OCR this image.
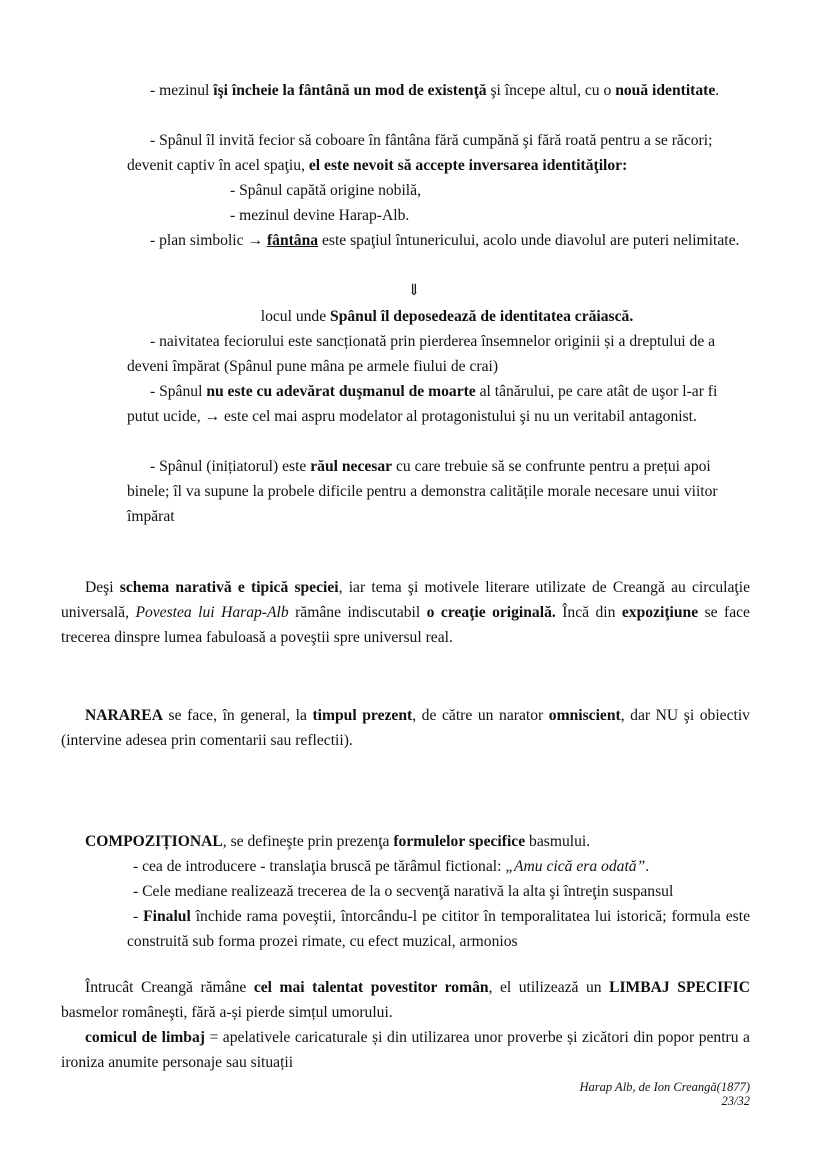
- mezinul îşi încheie la fântână un mod de existenţă şi începe altul, cu o nouă identitate.

- Spânul îl invită fecior să coboare în fântâna fără cumpănă şi fără roată pentru a se răcori; devenit captiv în acel spaţiu, el este nevoit să accepte inversarea identităţilor:

- Spânul capătă origine nobilă,

- mezinul devine Harap-Alb.

- plan simbolic → fântâna este spaţiul întunericului, acolo unde diavolul are puteri nelimitate.

⇓

locul unde Spânul îl deposedează de identitatea crăiască.

- naivitatea feciorului este sancționată prin pierderea însemnelor originii și a dreptului de a deveni împărat (Spânul pune mâna pe armele fiului de crai)

- Spânul nu este cu adevărat duşmanul de moarte al tânărului, pe care atât de uşor l-ar fi putut ucide, → este cel mai aspru modelator al protagonistului şi nu un veritabil antagonist.

- Spânul (inițiatorul) este răul necesar cu care trebuie să se confrunte pentru a prețui apoi binele; îl va supune la probele dificile pentru a demonstra calitățile morale necesare unui viitor împărat

Deşi schema narativă e tipică speciei, iar tema şi motivele literare utilizate de Creangă au circulaţie universală, Povestea lui Harap-Alb rămâne indiscutabil o creaţie originală. Încă din expoziţiune se face trecerea dinspre lumea fabuloasă a poveştii spre universul real.

NARAREA se face, în general, la timpul prezent, de către un narator omniscient, dar NU şi obiectiv (intervine adesea prin comentarii sau reflectii).

COMPOZIȚIONAL, se defineşte prin prezenţa formulelor specifice basmului.

- cea de introducere - translaţia bruscă pe tărâmul fictional: „Amu cică era odată”.

- Cele mediane realizează trecerea de la o secvenţă narativă la alta şi întreţin suspansul

- Finalul închide rama poveştii, întorcându-l pe cititor în temporalitatea lui istorică; formula este construită sub forma prozei rimate, cu efect muzical, armonios

Întrucât Creangă rămâne cel mai talentat povestitor român, el utilizează un LIMBAJ SPECIFIC basmelor româneşti, fără a-și pierde simțul umorului.

comicul de limbaj = apelativele caricaturale și din utilizarea unor proverbe și zicători din popor pentru a ironiza anumite personaje sau situații

Harap Alb, de Ion Creangă(1877)
23/32
